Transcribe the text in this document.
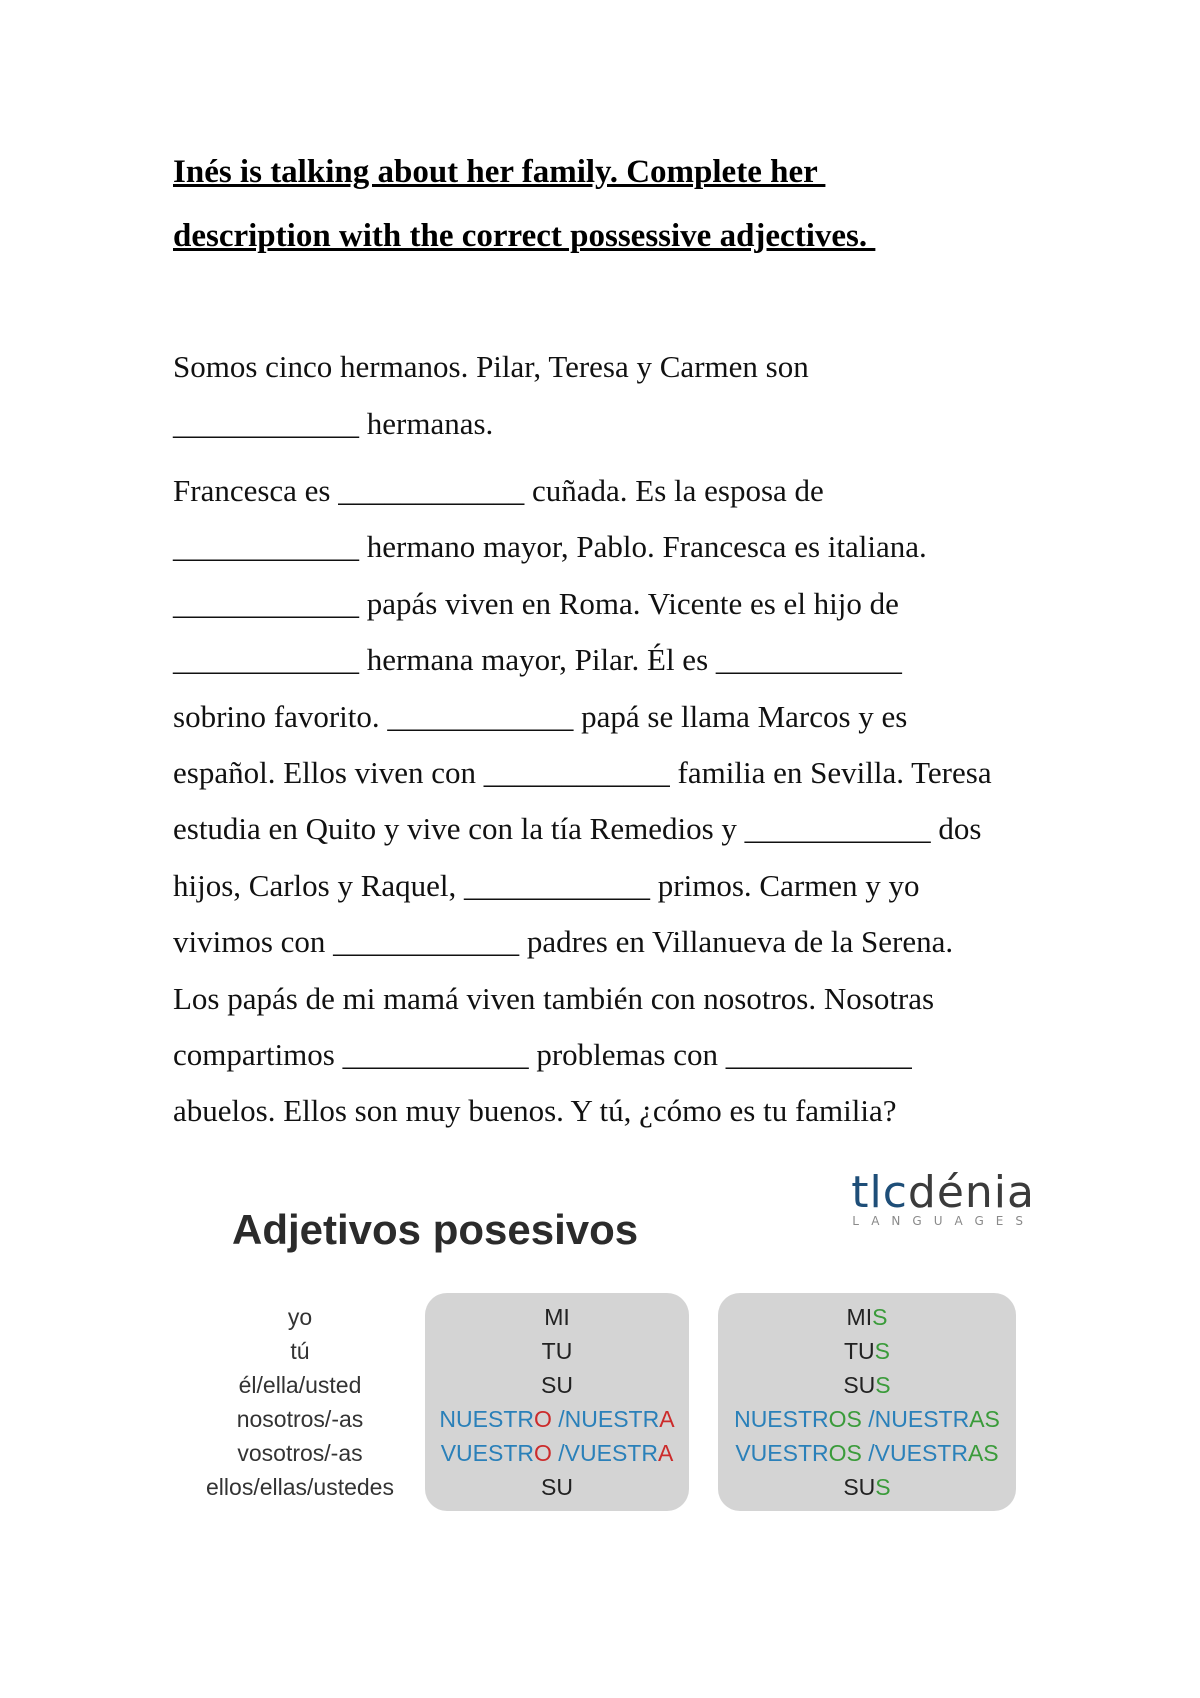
Inés is talking about her family. Complete her
description with the correct possessive adjectives.
Somos cinco hermanos. Pilar, Teresa y Carmen son
____________ hermanas.
Francesca es ____________ cuñada. Es la esposa de
____________ hermano mayor, Pablo. Francesca es italiana.
____________ papás viven en Roma. Vicente es el hijo de
____________ hermana mayor, Pilar. Él es ____________
sobrino favorito. ____________ papá se llama Marcos y es
español. Ellos viven con ____________ familia en Sevilla. Teresa
estudia en Quito y vive con la tía Remedios y ____________ dos
hijos, Carlos y Raquel, ____________ primos. Carmen y yo
vivimos con ____________ padres en Villanueva de la Serena.
Los papás de mi mamá viven también con nosotros. Nosotras
compartimos ____________ problemas con ____________
abuelos. Ellos son muy buenos. Y tú, ¿cómo es tu familia?
tlcdénia
LANGUAGES
Adjetivos posesivos
yo
tú
él/ella/usted
nosotros/-as
vosotros/-as
ellos/ellas/ustedes
MI
TU
SU
NUESTRO /NUESTRA
VUESTRO /VUESTRA
SU
MIS
TUS
SUS
NUESTROS /NUESTRAS
VUESTROS /VUESTRAS
SUS
